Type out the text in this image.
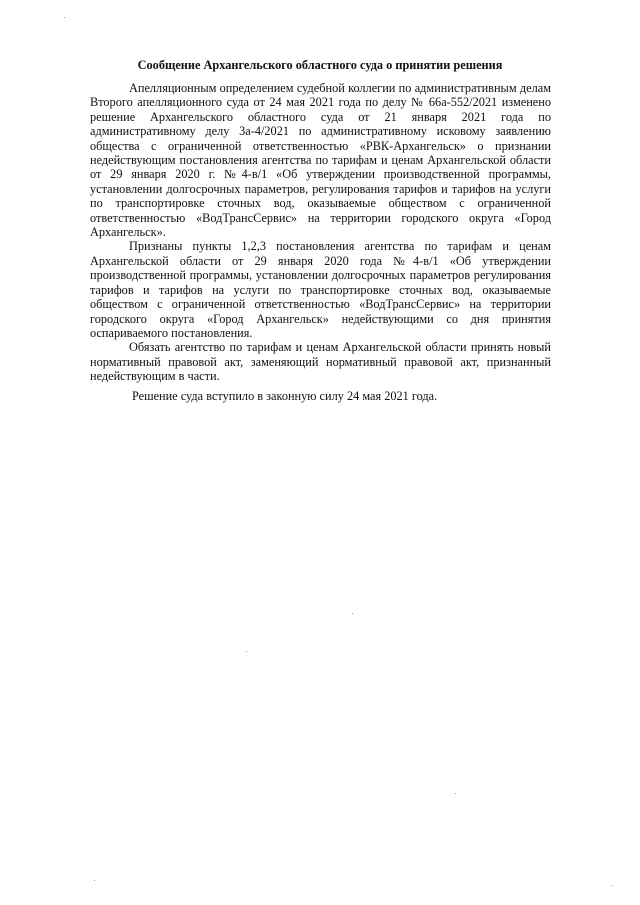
Сообщение Архангельского областного суда о принятии решения

Апелляционным определением судебной коллегии по административным делам Второго апелляционного суда от 24 мая 2021 года по делу № 66а-552/2021 изменено решение Архангельского областного суда от 21 января 2021 года по административному делу 3а-4/2021 по административному исковому заявлению общества с ограниченной ответственностью «РВК-Архангельск» о признании недействующим постановления агентства по тарифам и ценам Архангельской области от 29 января 2020 г. №4-в/1 «Об утверждении производственной программы, установлении долгосрочных параметров, регулирования тарифов и тарифов на услуги по транспортировке сточных вод, оказываемые обществом с ограниченной ответственностью «ВодТрансСервис» на территории городского округа «Город Архангельск».

Признаны пункты 1,2,3 постановления агентства по тарифам и ценам Архангельской области от 29 января 2020 года №4-в/1 «Об утверждении производственной программы, установлении долгосрочных параметров регулирования тарифов и тарифов на услуги по транспортировке сточных вод, оказываемые обществом с ограниченной ответственностью «ВодТрансСервис» на территории городского округа «Город Архангельск» недействующими со дня принятия оспариваемого постановления.

Обязать агентство по тарифам и ценам Архангельской области принять новый нормативный правовой акт, заменяющий нормативный правовой акт, признанный недействующим в части.

Решение суда вступило в законную силу 24 мая 2021 года.
